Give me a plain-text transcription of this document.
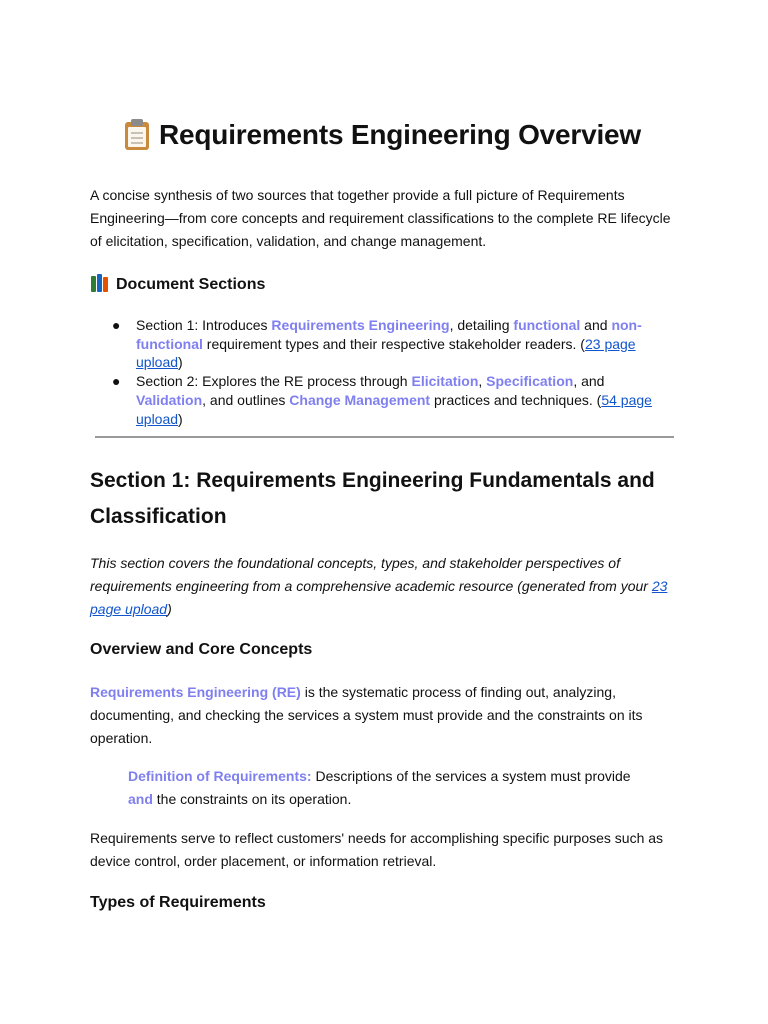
Requirements Engineering Overview
A concise synthesis of two sources that together provide a full picture of Requirements Engineering—from core concepts and requirement classifications to the complete RE lifecycle of elicitation, specification, validation, and change management.
Document Sections
● Section 1: Introduces Requirements Engineering, detailing functional and non-functional requirement types and their respective stakeholder readers. (23 page upload)
● Section 2: Explores the RE process through Elicitation, Specification, and Validation, and outlines Change Management practices and techniques. (54 page upload)
Section 1: Requirements Engineering Fundamentals and Classification
This section covers the foundational concepts, types, and stakeholder perspectives of requirements engineering from a comprehensive academic resource (generated from your 23 page upload)
Overview and Core Concepts
Requirements Engineering (RE) is the systematic process of finding out, analyzing, documenting, and checking the services a system must provide and the constraints on its operation.
Definition of Requirements: Descriptions of the services a system must provide and the constraints on its operation.
Requirements serve to reflect customers' needs for accomplishing specific purposes such as device control, order placement, or information retrieval.
Types of Requirements
